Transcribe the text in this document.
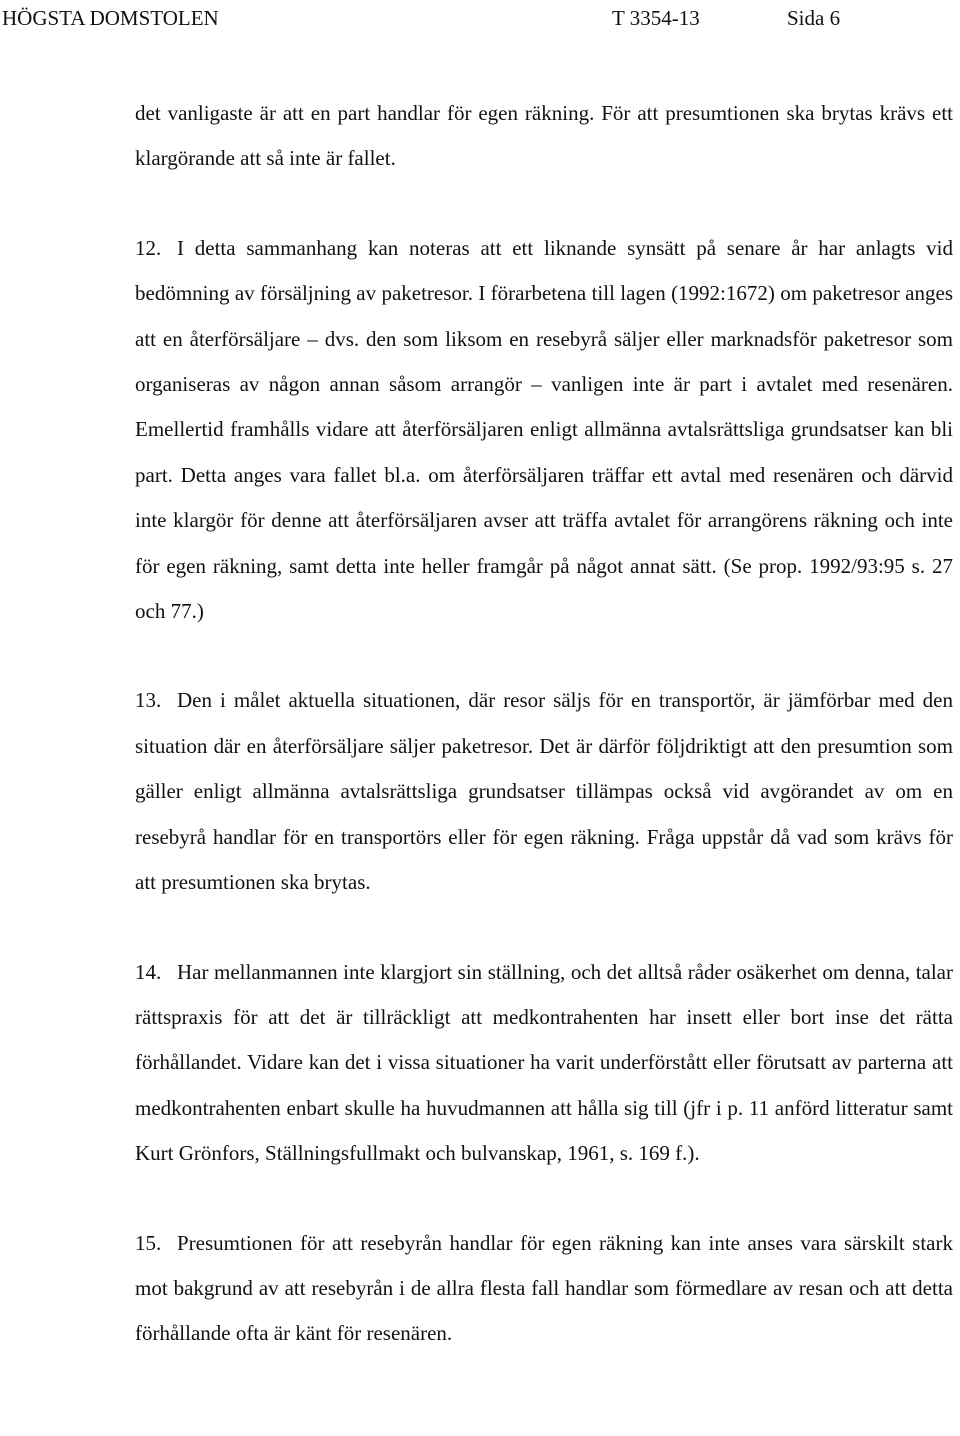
HÖGSTA DOMSTOLEN	T 3354-13	Sida 6

det vanligaste är att en part handlar för egen räkning. För att presumtionen ska brytas krävs ett klargörande att så inte är fallet.

12. I detta sammanhang kan noteras att ett liknande synsätt på senare år har anlagts vid bedömning av försäljning av paketresor. I förarbetena till lagen (1992:1672) om paketresor anges att en återförsäljare – dvs. den som liksom en resebyrå säljer eller marknadsför paketresor som organiseras av någon annan såsom arrangör – vanligen inte är part i avtalet med resenären. Emellertid framhålls vidare att återförsäljaren enligt allmänna avtalsrättsliga grundsatser kan bli part. Detta anges vara fallet bl.a. om återförsäljaren träffar ett avtal med resenären och därvid inte klargör för denne att återförsäljaren avser att träffa avtalet för arrangörens räkning och inte för egen räkning, samt detta inte heller framgår på något annat sätt. (Se prop. 1992/93:95 s. 27 och 77.)

13. Den i målet aktuella situationen, där resor säljs för en transportör, är jämförbar med den situation där en återförsäljare säljer paketresor. Det är därför följdriktigt att den presumtion som gäller enligt allmänna avtalsrättsliga grundsatser tillämpas också vid avgörandet av om en resebyrå handlar för en transportörs eller för egen räkning. Fråga uppstår då vad som krävs för att presumtionen ska brytas.

14. Har mellanmannen inte klargjort sin ställning, och det alltså råder osäkerhet om denna, talar rättspraxis för att det är tillräckligt att medkontrahenten har insett eller bort inse det rätta förhållandet. Vidare kan det i vissa situationer ha varit underförstått eller förutsatt av parterna att medkontrahenten enbart skulle ha huvudmannen att hålla sig till (jfr i p. 11 anförd litteratur samt Kurt Grönfors, Ställningsfullmakt och bulvanskap, 1961, s. 169 f.).

15. Presumtionen för att resebyrån handlar för egen räkning kan inte anses vara särskilt stark mot bakgrund av att resebyrån i de allra flesta fall handlar som förmedlare av resan och att detta förhållande ofta är känt för resenären.
